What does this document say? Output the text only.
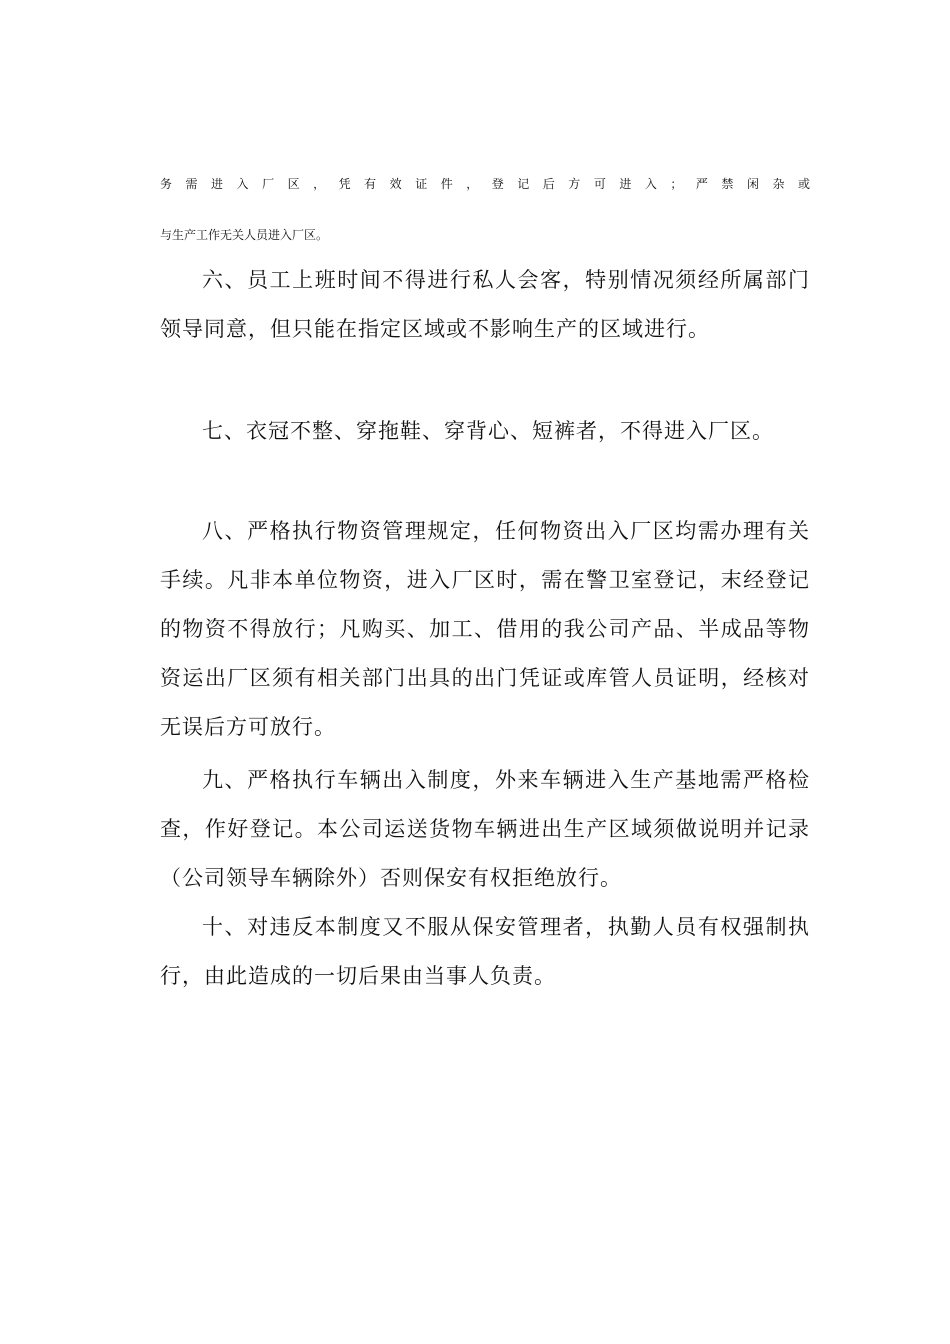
务需进入厂区，凭有效证件，登记后方可进入；严禁闲杂或
与生产工作无关人员进入厂区。

六、员工上班时间不得进行私人会客，特别情况须经所属部门领导同意，但只能在指定区域或不影响生产的区域进行。

七、衣冠不整、穿拖鞋、穿背心、短裤者，不得进入厂区。

八、严格执行物资管理规定，任何物资出入厂区均需办理有关手续。凡非本单位物资，进入厂区时，需在警卫室登记，末经登记的物资不得放行；凡购买、加工、借用的我公司产品、半成品等物资运出厂区须有相关部门出具的出门凭证或库管人员证明，经核对无误后方可放行。

九、严格执行车辆出入制度，外来车辆进入生产基地需严格检查，作好登记。本公司运送货物车辆进出生产区域须做说明并记录（公司领导车辆除外）否则保安有权拒绝放行。

十、对违反本制度又不服从保安管理者，执勤人员有权强制执行，由此造成的一切后果由当事人负责。
